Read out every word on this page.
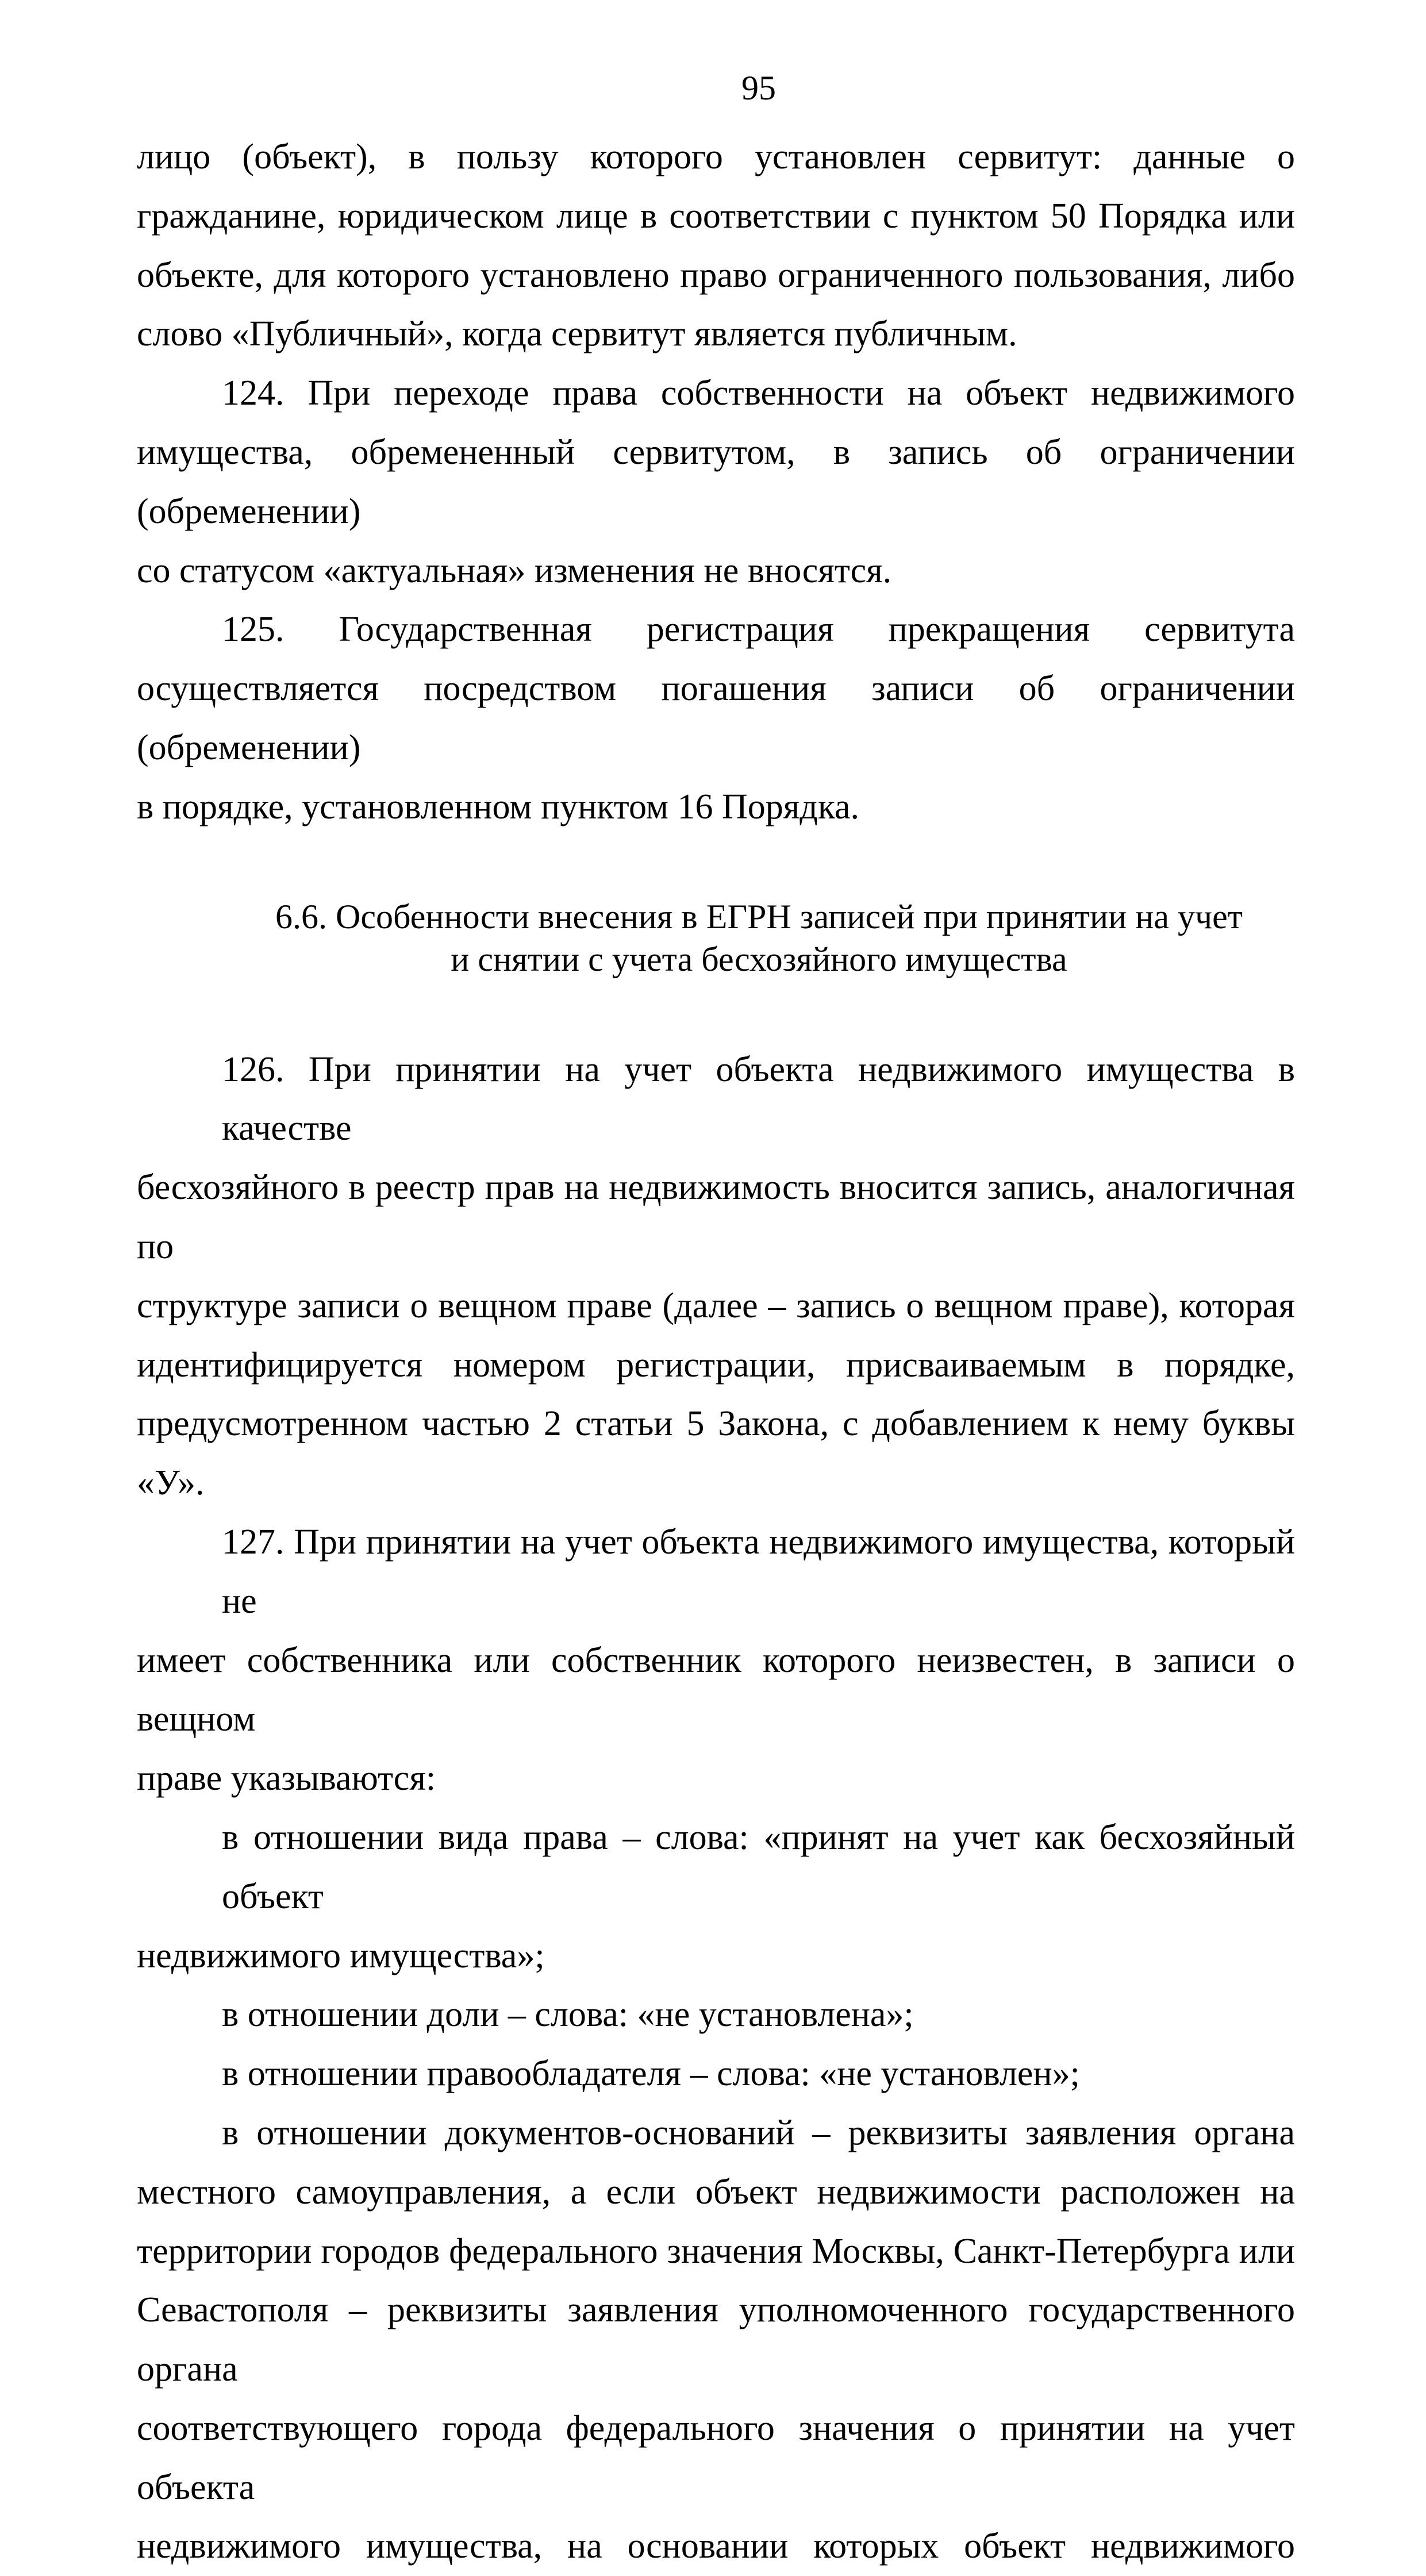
95

лицо (объект), в пользу которого установлен сервитут: данные о
гражданине, юридическом лице в соответствии с пунктом 50 Порядка или
объекте, для которого установлено право ограниченного пользования, либо
слово «Публичный», когда сервитут является публичным.

124. При переходе права собственности на объект недвижимого
имущества, обремененный сервитутом, в запись об ограничении (обременении)
со статусом «актуальная» изменения не вносятся.

125. Государственная регистрация прекращения сервитута
осуществляется посредством погашения записи об ограничении (обременении)
в порядке, установленном пунктом 16 Порядка.

6.6. Особенности внесения в ЕГРН записей при принятии на учет
и снятии с учета бесхозяйного имущества

126. При принятии на учет объекта недвижимого имущества в качестве
бесхозяйного в реестр прав на недвижимость вносится запись, аналогичная по
структуре записи о вещном праве (далее – запись о вещном праве), которая
идентифицируется номером регистрации, присваиваемым в порядке,
предусмотренном частью 2 статьи 5 Закона, с добавлением к нему буквы «У».

127. При принятии на учет объекта недвижимого имущества, который не
имеет собственника или собственник которого неизвестен, в записи о вещном
праве указываются:

в отношении вида права – слова: «принят на учет как бесхозяйный объект
недвижимого имущества»;

в отношении доли – слова: «не установлена»;

в отношении правообладателя – слова: «не установлен»;

в отношении документов-оснований – реквизиты заявления органа
местного самоуправления, а если объект недвижимости расположен на
территории городов федерального значения Москвы, Санкт-Петербурга или
Севастополя – реквизиты заявления уполномоченного государственного органа
соответствующего города федерального значения о принятии на учет объекта
недвижимого имущества, на основании которых объект недвижимого
